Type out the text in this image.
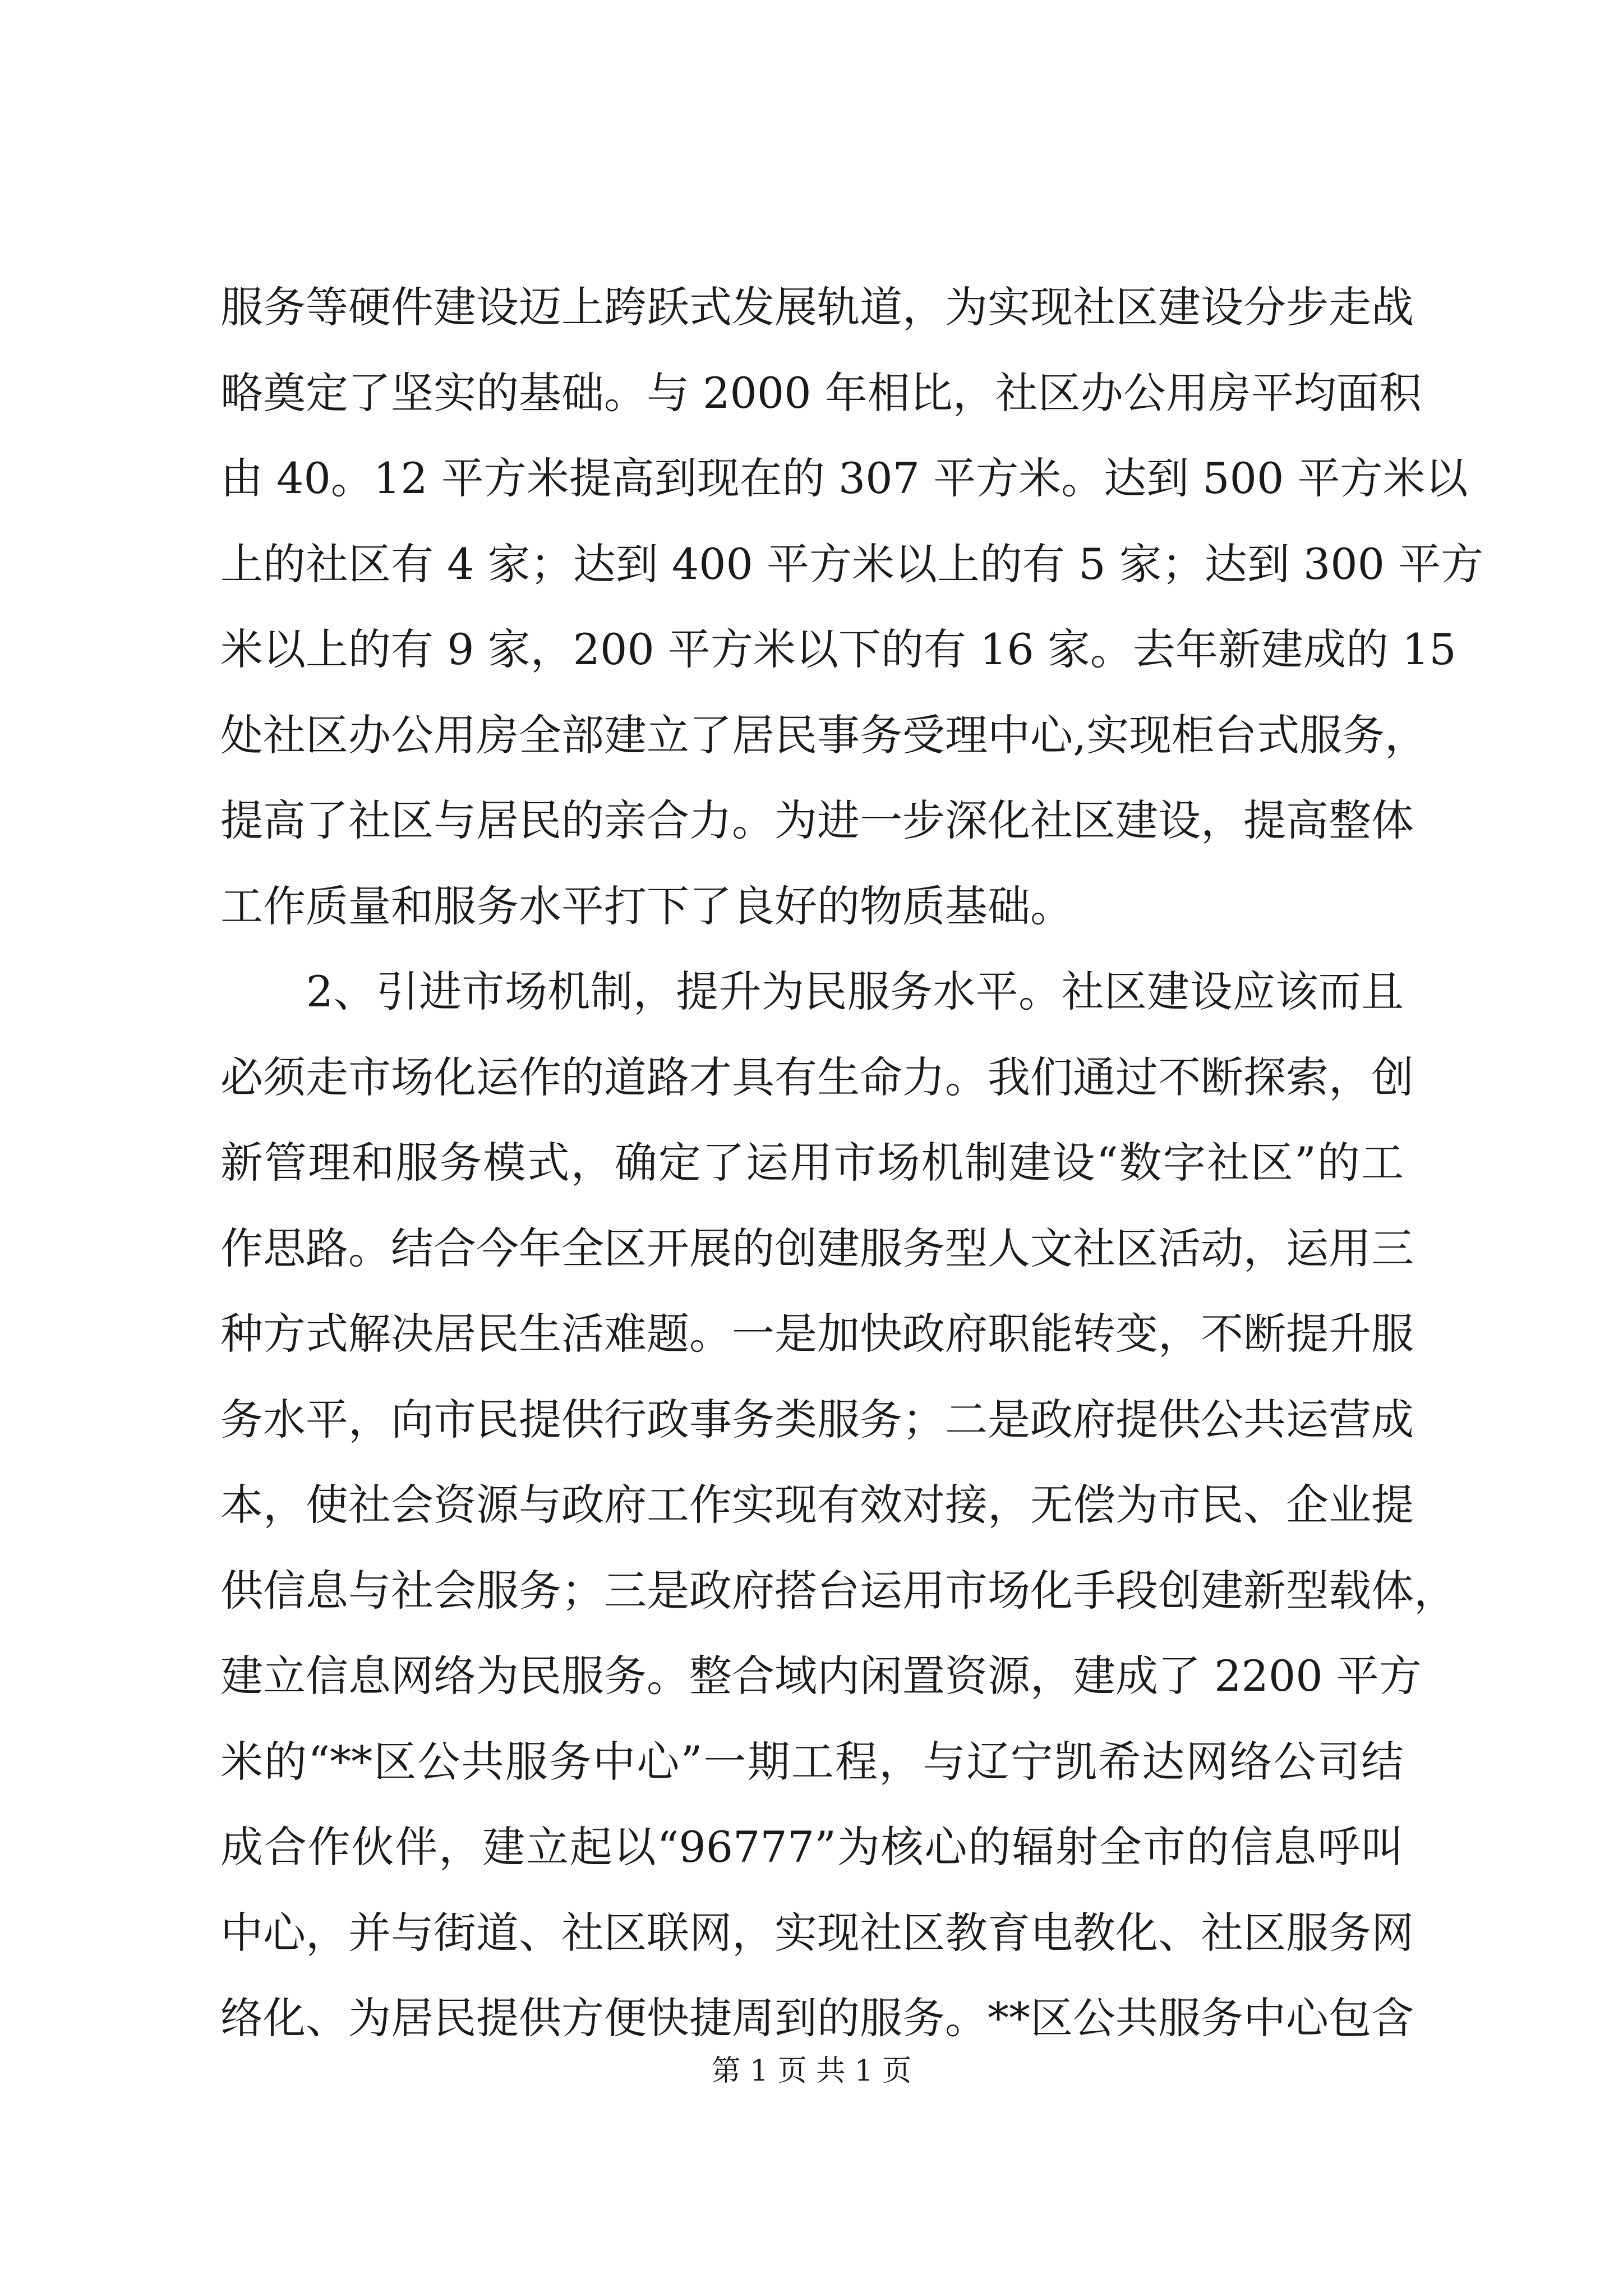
服务等硬件建设迈上跨跃式发展轨道，为实现社区建设分步走战
略奠定了坚实的基础。与 2000 年相比，社区办公用房平均面积
由 40。12 平方米提高到现在的 307 平方米。达到 500 平方米以
上的社区有 4 家；达到 400 平方米以上的有 5 家；达到 300 平方
米以上的有 9 家，200 平方米以下的有 16 家。去年新建成的 15
处社区办公用房全部建立了居民事务受理中心,实现柜台式服务，
提高了社区与居民的亲合力。为进一步深化社区建设，提高整体
工作质量和服务水平打下了良好的物质基础。
　　2、引进市场机制，提升为民服务水平。社区建设应该而且
必须走市场化运作的道路才具有生命力。我们通过不断探索，创
新管理和服务模式，确定了运用市场机制建设“数字社区”的工
作思路。结合今年全区开展的创建服务型人文社区活动，运用三
种方式解决居民生活难题。一是加快政府职能转变，不断提升服
务水平，向市民提供行政事务类服务；二是政府提供公共运营成
本，使社会资源与政府工作实现有效对接，无偿为市民、企业提
供信息与社会服务；三是政府搭台运用市场化手段创建新型载体，
建立信息网络为民服务。整合域内闲置资源，建成了 2200 平方
米的“**区公共服务中心”一期工程，与辽宁凯希达网络公司结
成合作伙伴，建立起以“96777”为核心的辐射全市的信息呼叫
中心，并与街道、社区联网，实现社区教育电教化、社区服务网
络化、为居民提供方便快捷周到的服务。**区公共服务中心包含
第 1 页 共 1 页
